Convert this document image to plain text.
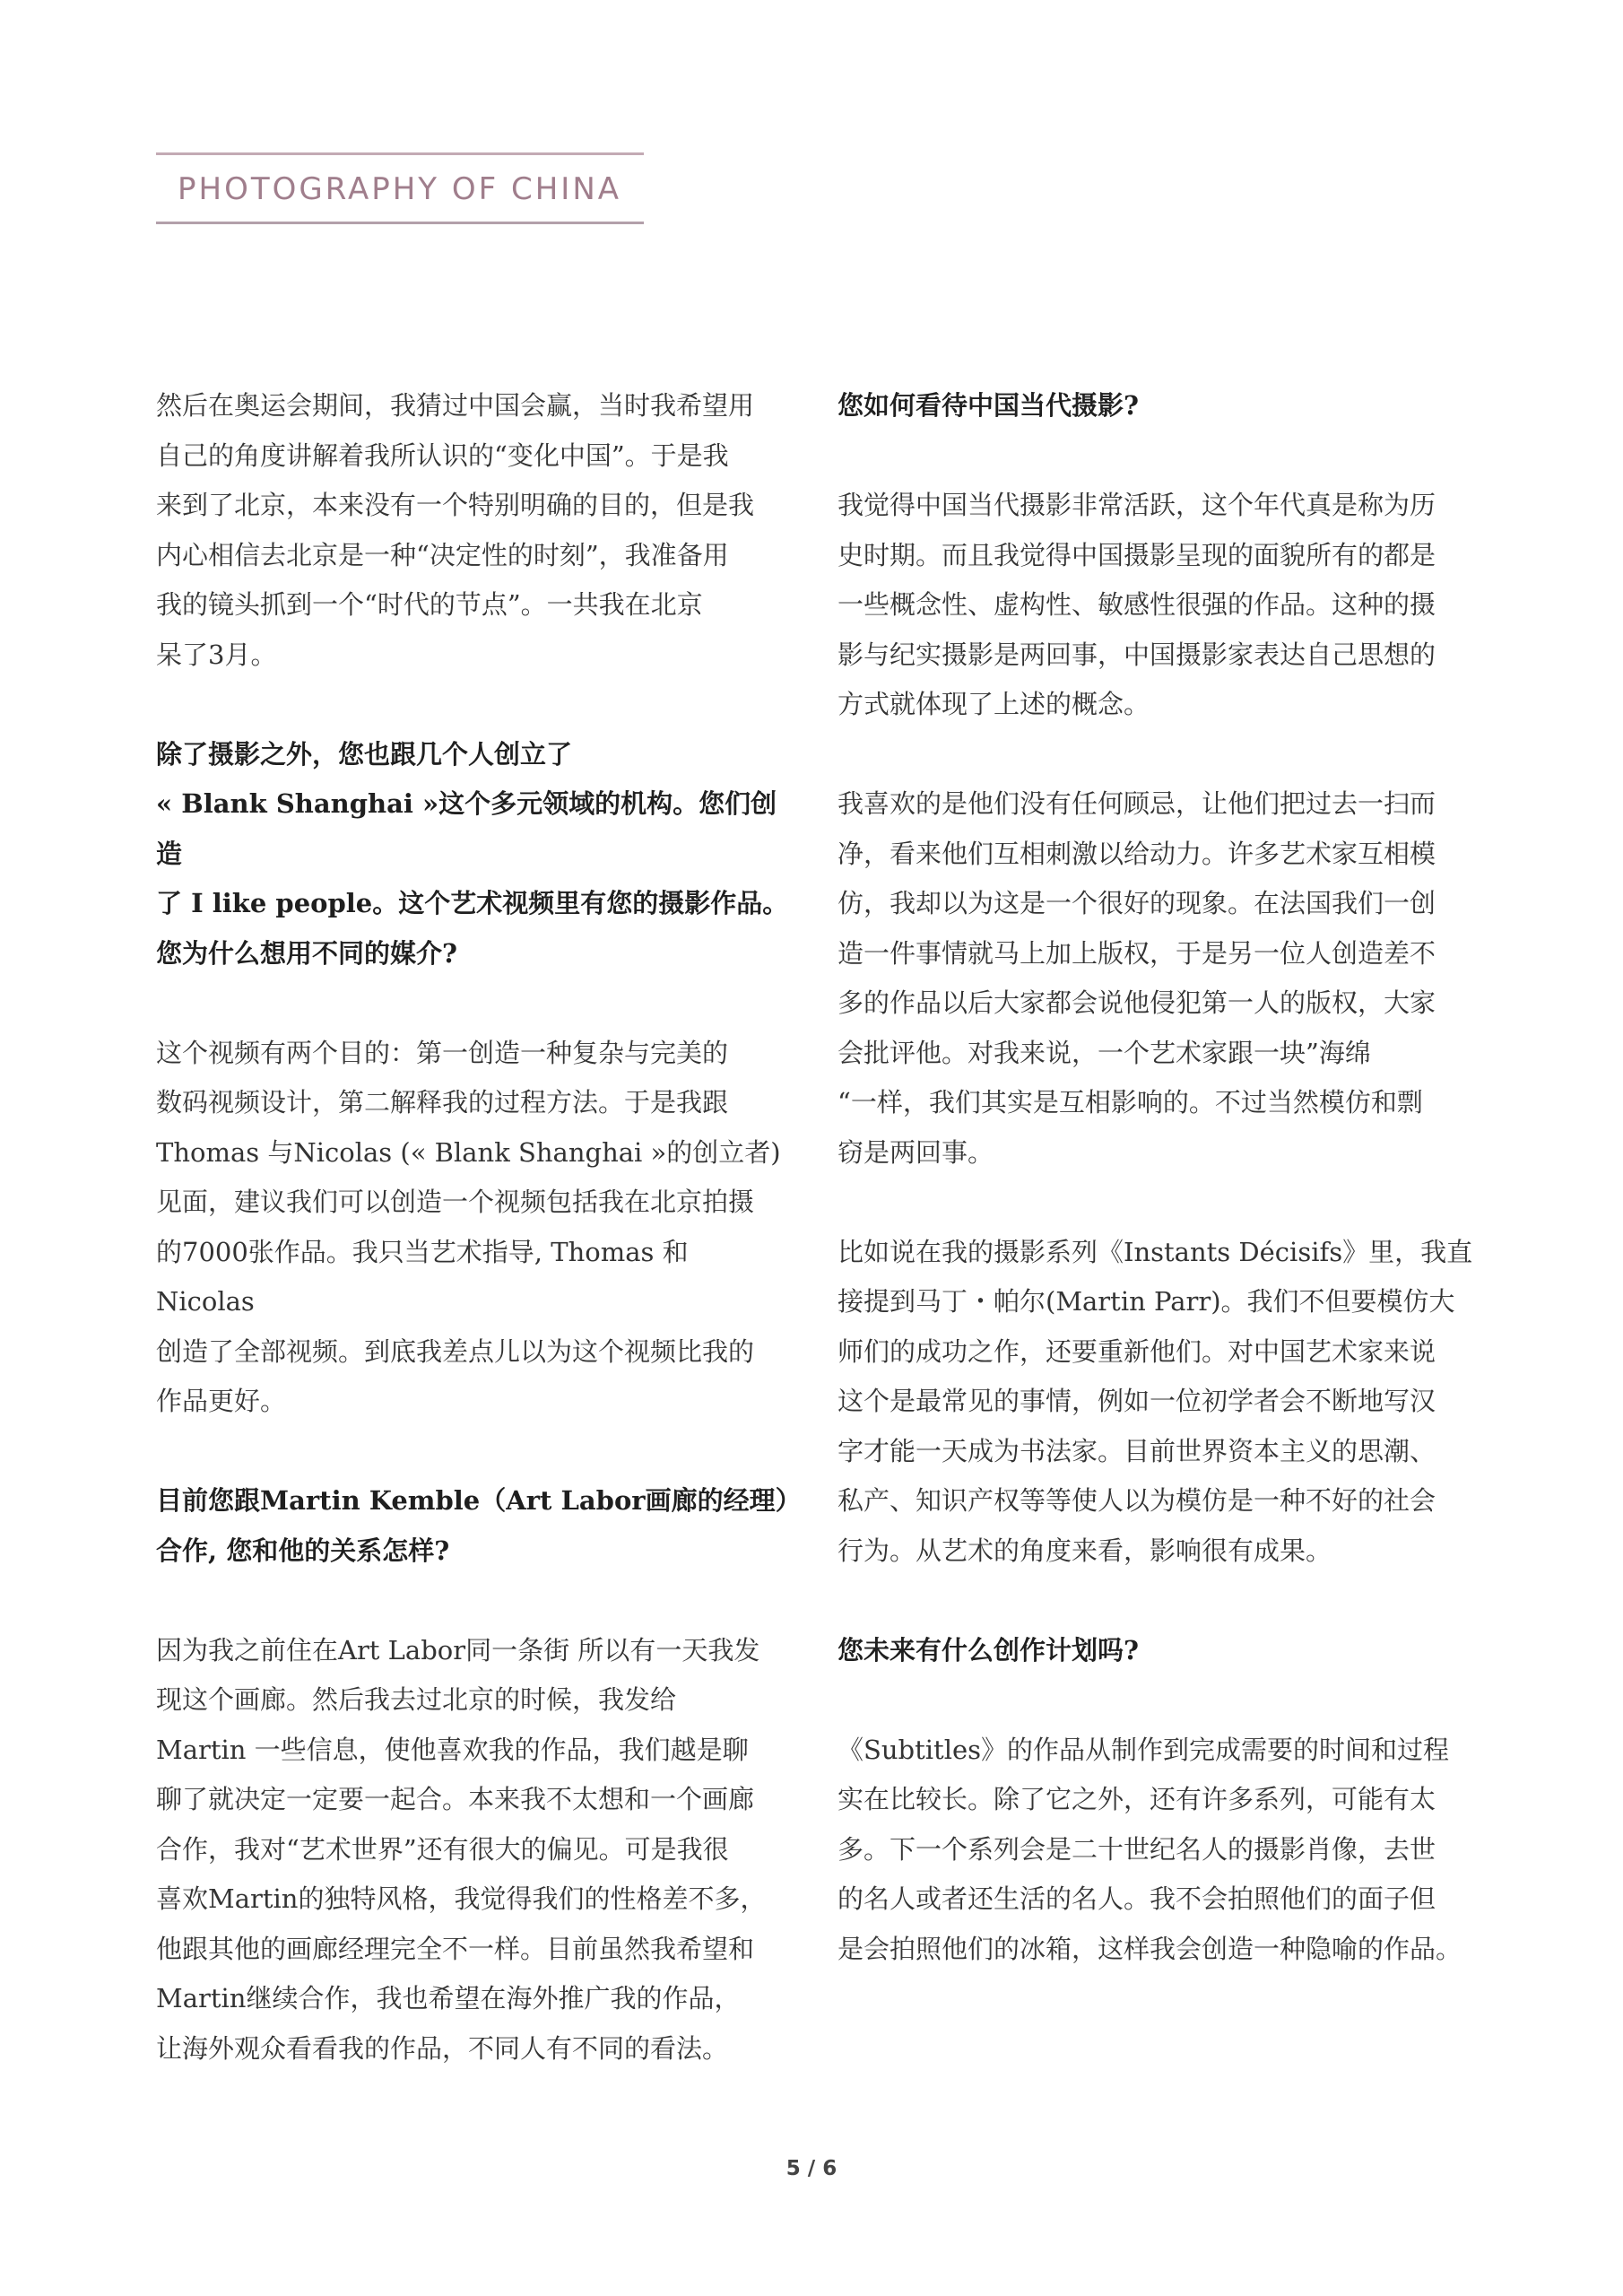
PHOTOGRAPHY OF CHINA
然后在奥运会期间，我猜过中国会赢，当时我希望用
自己的角度讲解着我所认识的“变化中国”。于是我
来到了北京，本来没有一个特别明确的目的，但是我
内心相信去北京是一种“决定性的时刻”，我准备用
我的镜头抓到一个“时代的节点”。一共我在北京
呆了3月。
除了摄影之外，您也跟几个人创立了
« Blank Shanghai »这个多元领域的机构。您们创造
了 I like people。这个艺术视频里有您的摄影作品。
您为什么想用不同的媒介?
这个视频有两个目的：第一创造一种复杂与完美的
数码视频设计，第二解释我的过程方法。于是我跟
Thomas 与Nicolas (« Blank Shanghai »的创立者)
见面，建议我们可以创造一个视频包括我在北京拍摄
的7000张作品。我只当艺术指导, Thomas 和 Nicolas
创造了全部视频。到底我差点儿以为这个视频比我的
作品更好。
目前您跟Martin Kemble（Art Labor画廊的经理）
合作, 您和他的关系怎样?
因为我之前住在Art Labor同一条街 所以有一天我发
现这个画廊。然后我去过北京的时候，我发给
Martin 一些信息，使他喜欢我的作品，我们越是聊
聊了就决定一定要一起合。本来我不太想和一个画廊
合作，我对“艺术世界”还有很大的偏见。可是我很
喜欢Martin的独特风格，我觉得我们的性格差不多，
他跟其他的画廊经理完全不一样。目前虽然我希望和
Martin继续合作，我也希望在海外推广我的作品，
让海外观众看看我的作品，不同人有不同的看法。
您如何看待中国当代摄影?
我觉得中国当代摄影非常活跃，这个年代真是称为历
史时期。而且我觉得中国摄影呈现的面貌所有的都是
一些概念性、虚构性、敏感性很强的作品。这种的摄
影与纪实摄影是两回事，中国摄影家表达自己思想的
方式就体现了上述的概念。
我喜欢的是他们没有任何顾忌，让他们把过去一扫而
净，看来他们互相刺激以给动力。许多艺术家互相模
仿，我却以为这是一个很好的现象。在法国我们一创
造一件事情就马上加上版权，于是另一位人创造差不
多的作品以后大家都会说他侵犯第一人的版权，大家
会批评他。对我来说，一个艺术家跟一块”海绵
“一样，我们其实是互相影响的。不过当然模仿和剽
窃是两回事。
比如说在我的摄影系列《Instants Décisifs》里，我直
接提到马丁・帕尔(Martin Parr)。我们不但要模仿大
师们的成功之作，还要重新他们。对中国艺术家来说
这个是最常见的事情，例如一位初学者会不断地写汉
字才能一天成为书法家。目前世界资本主义的思潮、
私产、知识产权等等使人以为模仿是一种不好的社会
行为。从艺术的角度来看，影响很有成果。
您未来有什么创作计划吗?
《Subtitles》的作品从制作到完成需要的时间和过程
实在比较长。除了它之外，还有许多系列，可能有太
多。下一个系列会是二十世纪名人的摄影肖像，去世
的名人或者还生活的名人。我不会拍照他们的面子但
是会拍照他们的冰箱，这样我会创造一种隐喻的作品。
5 / 6
